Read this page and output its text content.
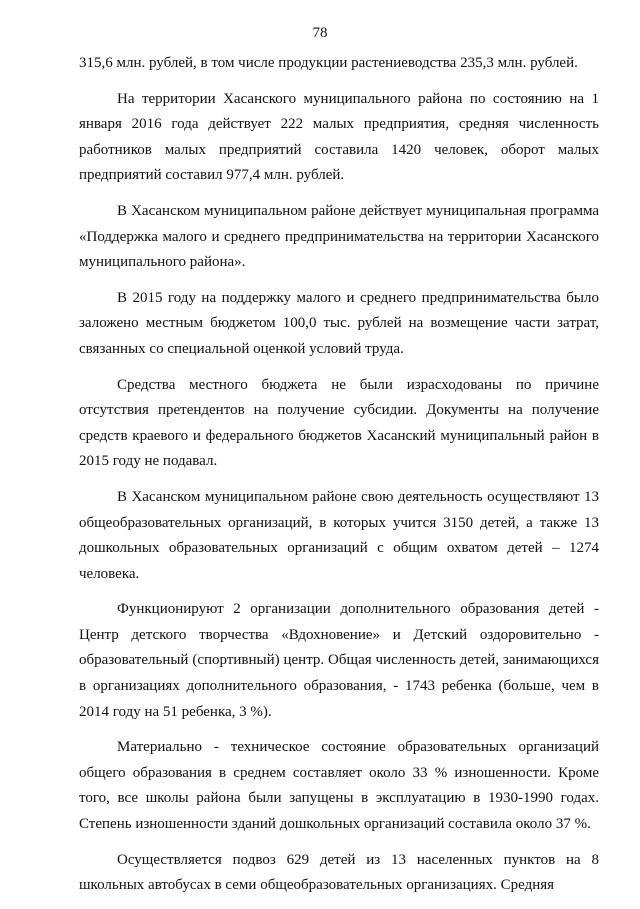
78

315,6 млн. рублей, в том числе продукции растениеводства 235,3 млн. рублей.

На территории Хасанского муниципального района по состоянию на 1 января 2016 года действует 222 малых предприятия, средняя численность работников малых предприятий составила 1420 человек, оборот малых предприятий составил 977,4 млн. рублей.

В Хасанском муниципальном районе действует муниципальная программа «Поддержка малого и среднего предпринимательства на территории Хасанского муниципального района».

В 2015 году на поддержку малого и среднего предпринимательства было заложено местным бюджетом 100,0 тыс. рублей на возмещение части затрат, связанных со специальной оценкой условий труда.

Средства местного бюджета не были израсходованы по причине отсутствия претендентов на получение субсидии. Документы на получение средств краевого и федерального бюджетов Хасанский муниципальный район в 2015 году не подавал.

В Хасанском муниципальном районе свою деятельность осуществляют 13 общеобразовательных организаций, в которых учится 3150 детей, а также 13 дошкольных образовательных организаций с общим охватом детей – 1274 человека.

Функционируют 2 организации дополнительного образования детей - Центр детского творчества «Вдохновение» и Детский оздоровительно - образовательный (спортивный) центр. Общая численность детей, занимающихся в организациях дополнительного образования, - 1743 ребенка (больше, чем в 2014 году на 51 ребенка, 3 %).

Материально - техническое состояние образовательных организаций общего образования в среднем составляет около 33 % изношенности. Кроме того, все школы района были запущены в эксплуатацию в 1930-1990 годах. Степень изношенности зданий дошкольных организаций составила около 37 %.

Осуществляется подвоз 629 детей из 13 населенных пунктов на 8 школьных автобусах в семи общеобразовательных организациях. Средняя
